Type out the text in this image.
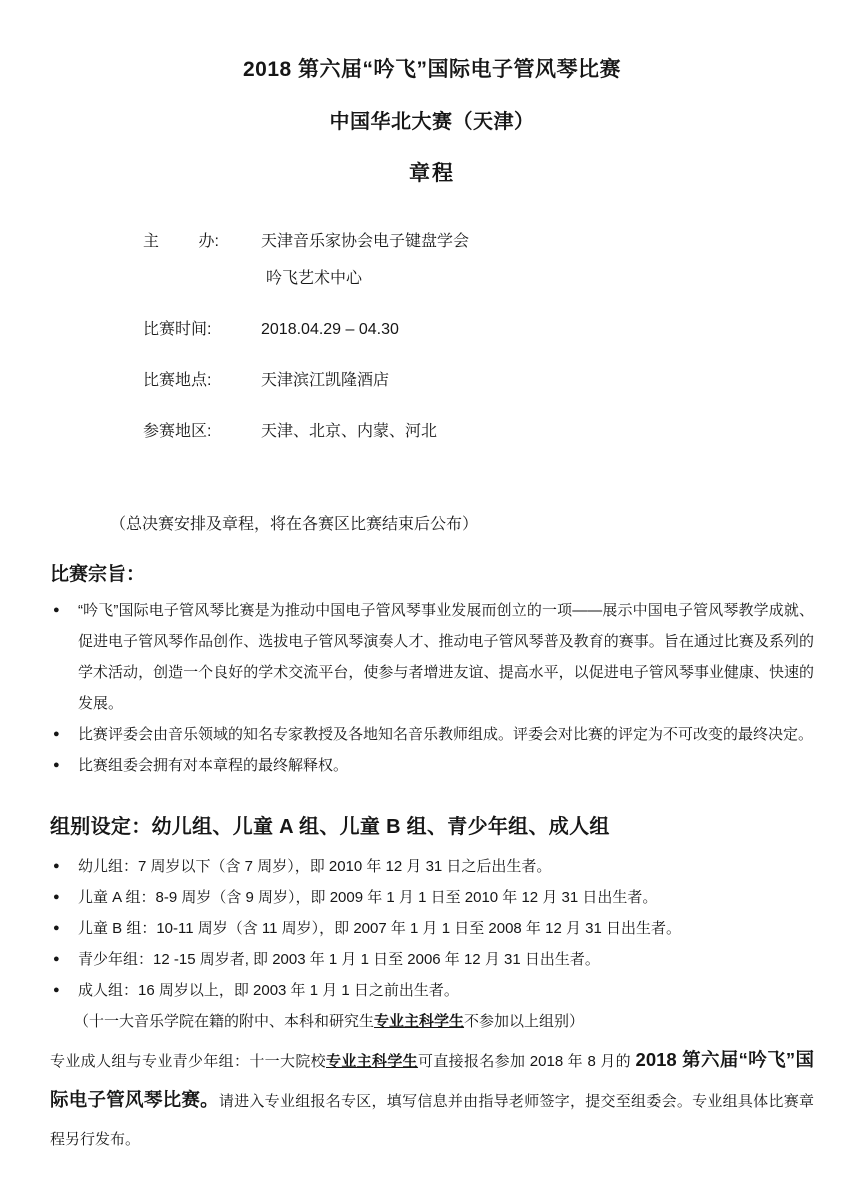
2018 第六届“吟飞”国际电子管风琴比赛
中国华北大赛（天津）
章程
主 办:	天津音乐家协会电子键盘学会
吟飞艺术中心
比赛时间:	2018.04.29 – 04.30
比赛地点:	天津滨江凯隆酒店
参赛地区:	天津、北京、内蒙、河北

（总决赛安排及章程，将在各赛区比赛结束后公布）

比赛宗旨：
● “吟飞”国际电子管风琴比赛是为推动中国电子管风琴事业发展而创立的一项——展示中国电子管风琴教学成就、促进电子管风琴作品创作、选拔电子管风琴演奏人才、推动电子管风琴普及教育的赛事。旨在通过比赛及系列的学术活动，创造一个良好的学术交流平台，使参与者增进友谊、提高水平，以促进电子管风琴事业健康、快速的发展。
● 比赛评委会由音乐领域的知名专家教授及各地知名音乐教师组成。评委会对比赛的评定为不可改变的最终决定。
● 比赛组委会拥有对本章程的最终解释权。
组别设定：幼儿组、儿童 A 组、儿童 B 组、青少年组、成人组
● 幼儿组：7 周岁以下（含 7 周岁），即 2010 年 12 月 31 日之后出生者。
● 儿童 A 组：8-9 周岁（含 9 周岁），即 2009 年 1 月 1 日至 2010 年 12 月 31 日出生者。
● 儿童 B 组：10-11 周岁（含 11 周岁），即 2007 年 1 月 1 日至 2008 年 12 月 31 日出生者。
● 青少年组：12 -15 周岁者, 即 2003 年 1 月 1 日至 2006 年 12 月 31 日出生者。
● 成人组：16 周岁以上，即 2003 年 1 月 1 日之前出生者。

（十一大音乐学院在籍的附中、本科和研究生专业主科学生不参加以上组别）

专业成人组与专业青少年组：十一大院校专业主科学生可直接报名参加 2018 年 8 月的 2018 第六届“吟飞”国际电子管风琴比赛。请进入专业组报名专区，填写信息并由指导老师签字，提交至组委会。专业组具体比赛章程另行发布。
